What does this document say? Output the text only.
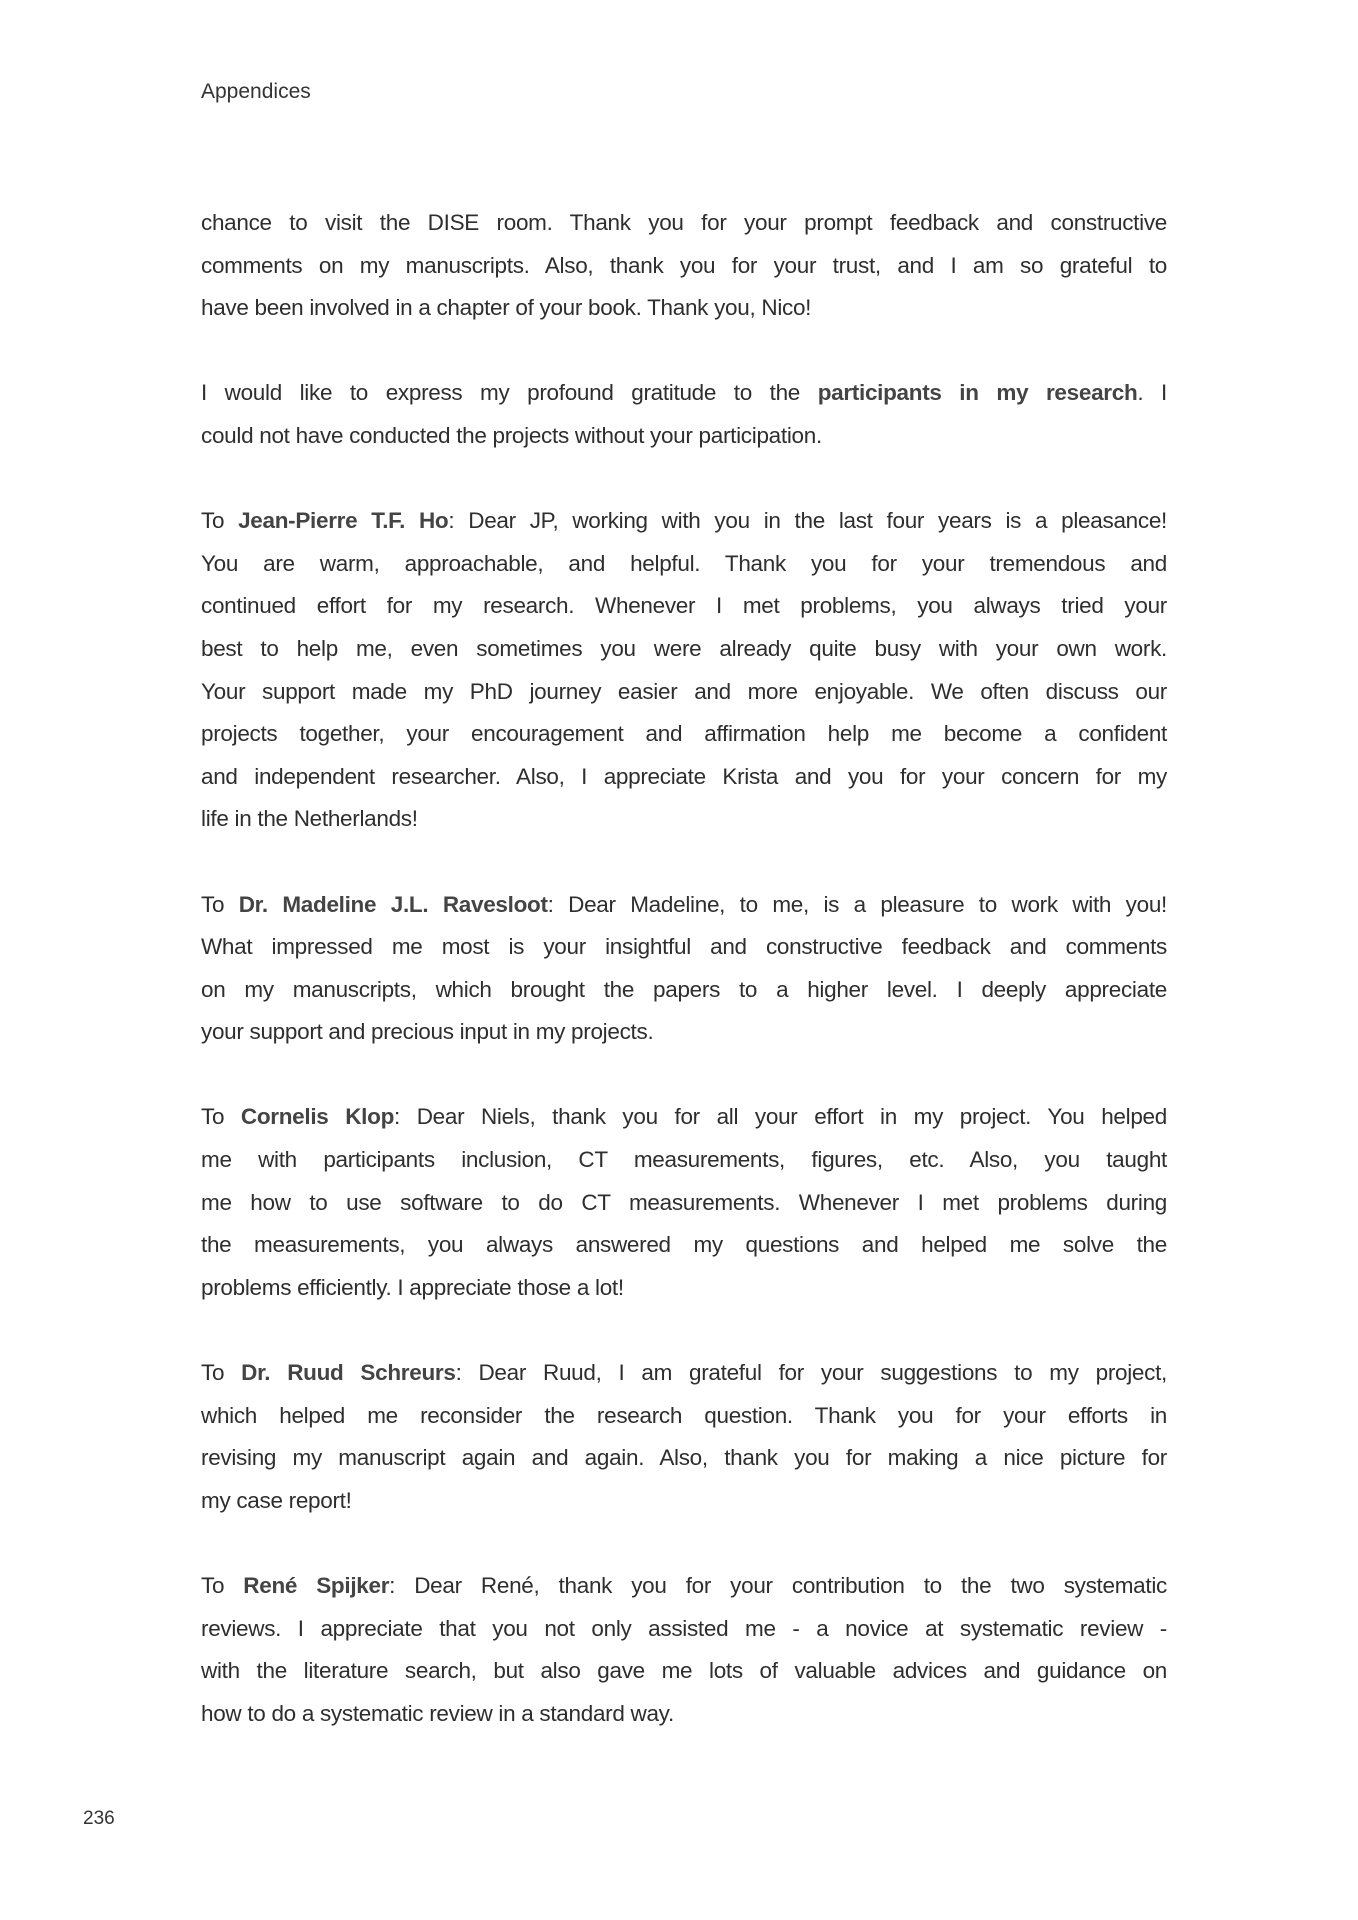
Appendices
chance to visit the DISE room. Thank you for your prompt feedback and constructive
comments on my manuscripts. Also, thank you for your trust, and I am so grateful to
have been involved in a chapter of your book. Thank you, Nico!
I would like to express my profound gratitude to the participants in my research. I
could not have conducted the projects without your participation.
To Jean-Pierre T.F. Ho: Dear JP, working with you in the last four years is a pleasance!
You are warm, approachable, and helpful. Thank you for your tremendous and
continued effort for my research. Whenever I met problems, you always tried your
best to help me, even sometimes you were already quite busy with your own work.
Your support made my PhD journey easier and more enjoyable. We often discuss our
projects together, your encouragement and affirmation help me become a confident
and independent researcher. Also, I appreciate Krista and you for your concern for my
life in the Netherlands!
To Dr. Madeline J.L. Ravesloot: Dear Madeline, to me, is a pleasure to work with you!
What impressed me most is your insightful and constructive feedback and comments
on my manuscripts, which brought the papers to a higher level. I deeply appreciate
your support and precious input in my projects.
To Cornelis Klop: Dear Niels, thank you for all your effort in my project. You helped
me with participants inclusion, CT measurements, figures, etc. Also, you taught
me how to use software to do CT measurements. Whenever I met problems during
the measurements, you always answered my questions and helped me solve the
problems efficiently. I appreciate those a lot!
To Dr. Ruud Schreurs: Dear Ruud, I am grateful for your suggestions to my project,
which helped me reconsider the research question. Thank you for your efforts in
revising my manuscript again and again. Also, thank you for making a nice picture for
my case report!
To René Spijker: Dear René, thank you for your contribution to the two systematic
reviews. I appreciate that you not only assisted me - a novice at systematic review -
with the literature search, but also gave me lots of valuable advices and guidance on
how to do a systematic review in a standard way.
236
